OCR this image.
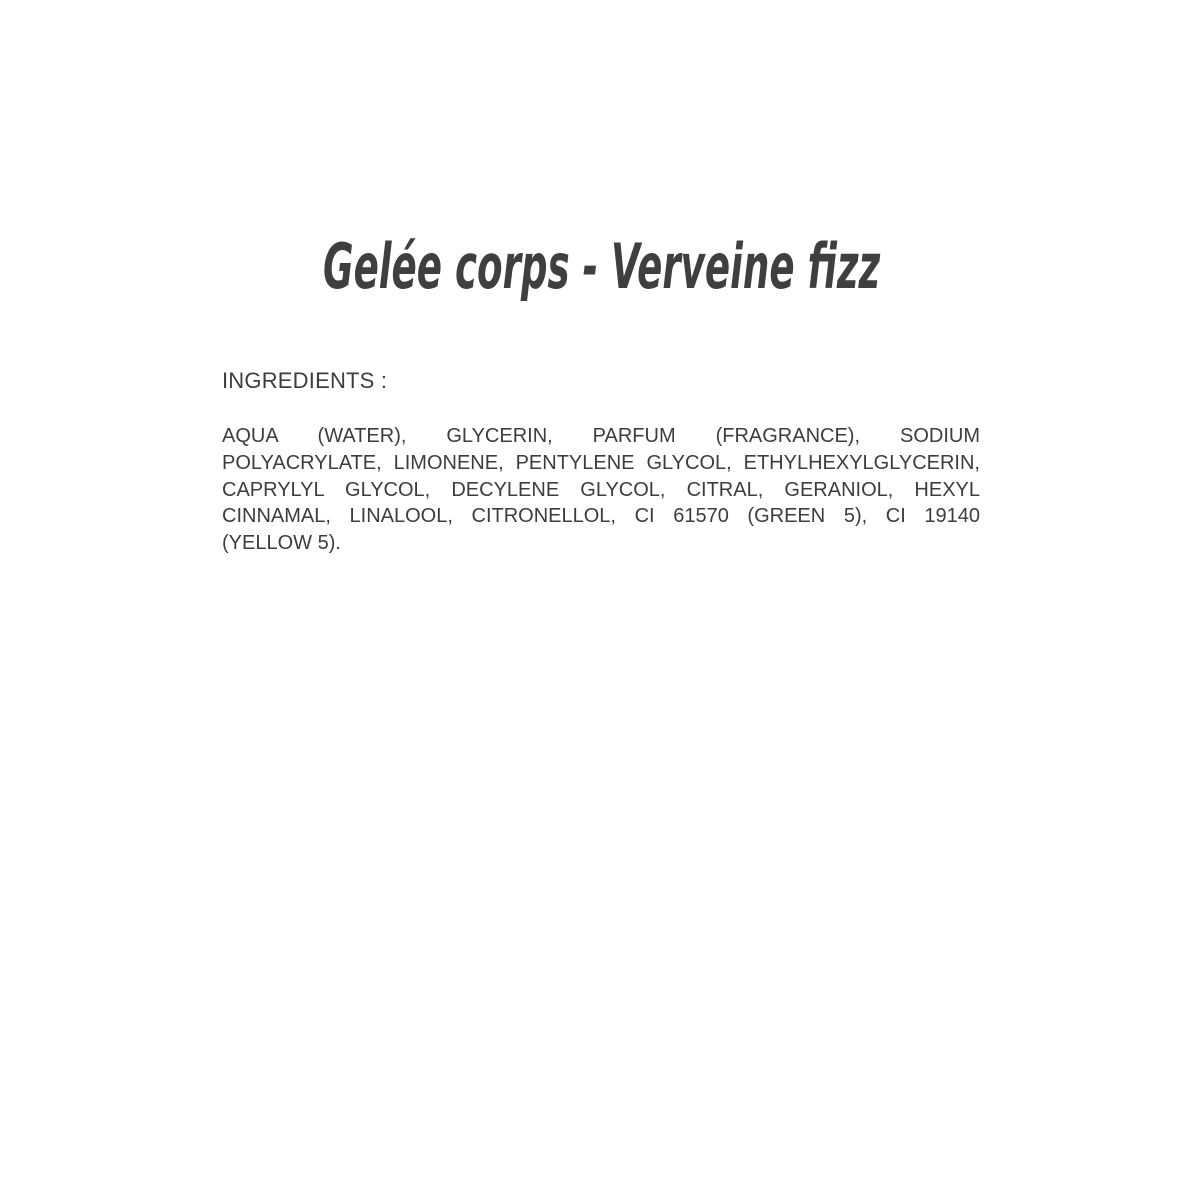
Gelée corps - Verveine fizz
INGREDIENTS :
AQUA (WATER), GLYCERIN, PARFUM (FRAGRANCE), SODIUM
POLYACRYLATE, LIMONENE, PENTYLENE GLYCOL, ETHYLHEXYLGLYCERIN,
CAPRYLYL GLYCOL, DECYLENE GLYCOL, CITRAL, GERANIOL, HEXYL
CINNAMAL, LINALOOL, CITRONELLOL, CI 61570 (GREEN 5), CI 19140
(YELLOW 5).
